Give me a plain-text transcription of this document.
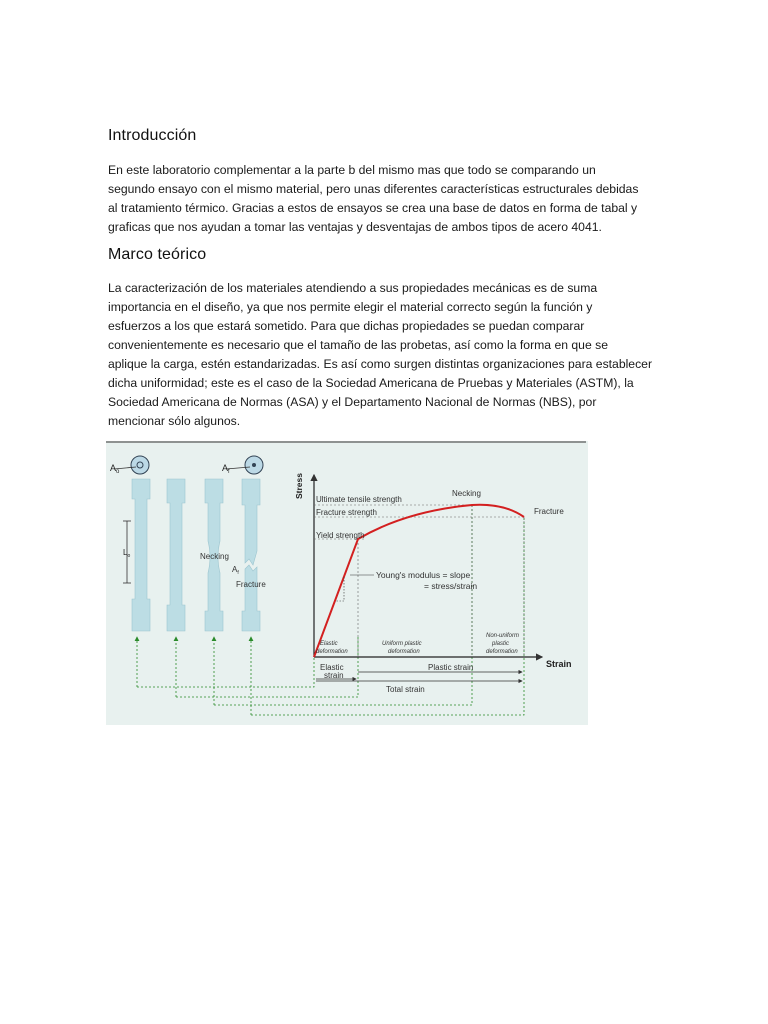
Introducción

En este laboratorio complementar a la parte b del mismo mas que todo se comparando un
segundo ensayo con el mismo material, pero unas diferentes características estructurales debidas
al tratamiento térmico. Gracias a estos de ensayos se crea una base de datos en forma de tabal y
graficas que nos ayudan a tomar las ventajas y desventajas de ambos tipos de acero 4041.

Marco teórico

La caracterización de los materiales atendiendo a sus propiedades mecánicas es de suma
importancia en el diseño, ya que nos permite elegir el material correcto según la función y
esfuerzos a los que estará sometido. Para que dichas propiedades se puedan comparar
convenientemente es necesario que el tamaño de las probetas, así como la forma en que se
aplique la carga, estén estandarizadas. Es así como surgen distintas organizaciones para establecer
dicha uniformidad; este es el caso de la Sociedad Americana de Pruebas y Materiales (ASTM), la
Sociedad Americana de Normas (ASA) y el Departamento Nacional de Normas (NBS), por
mencionar sólo algunos.

$A_o$	$A_f$
$L_o$	Necking
$A_f$
Fracture
Stress
Strain
Ultimate tensile strength
Fracture strength
Yield strength
Necking
Fracture
Young's modulus = slope
= stress/strain
Elastic
deformation
Uniform plastic
deformation
Non-uniform
plastic
deformation
Elastic
strain
Plastic strain
Total strain
